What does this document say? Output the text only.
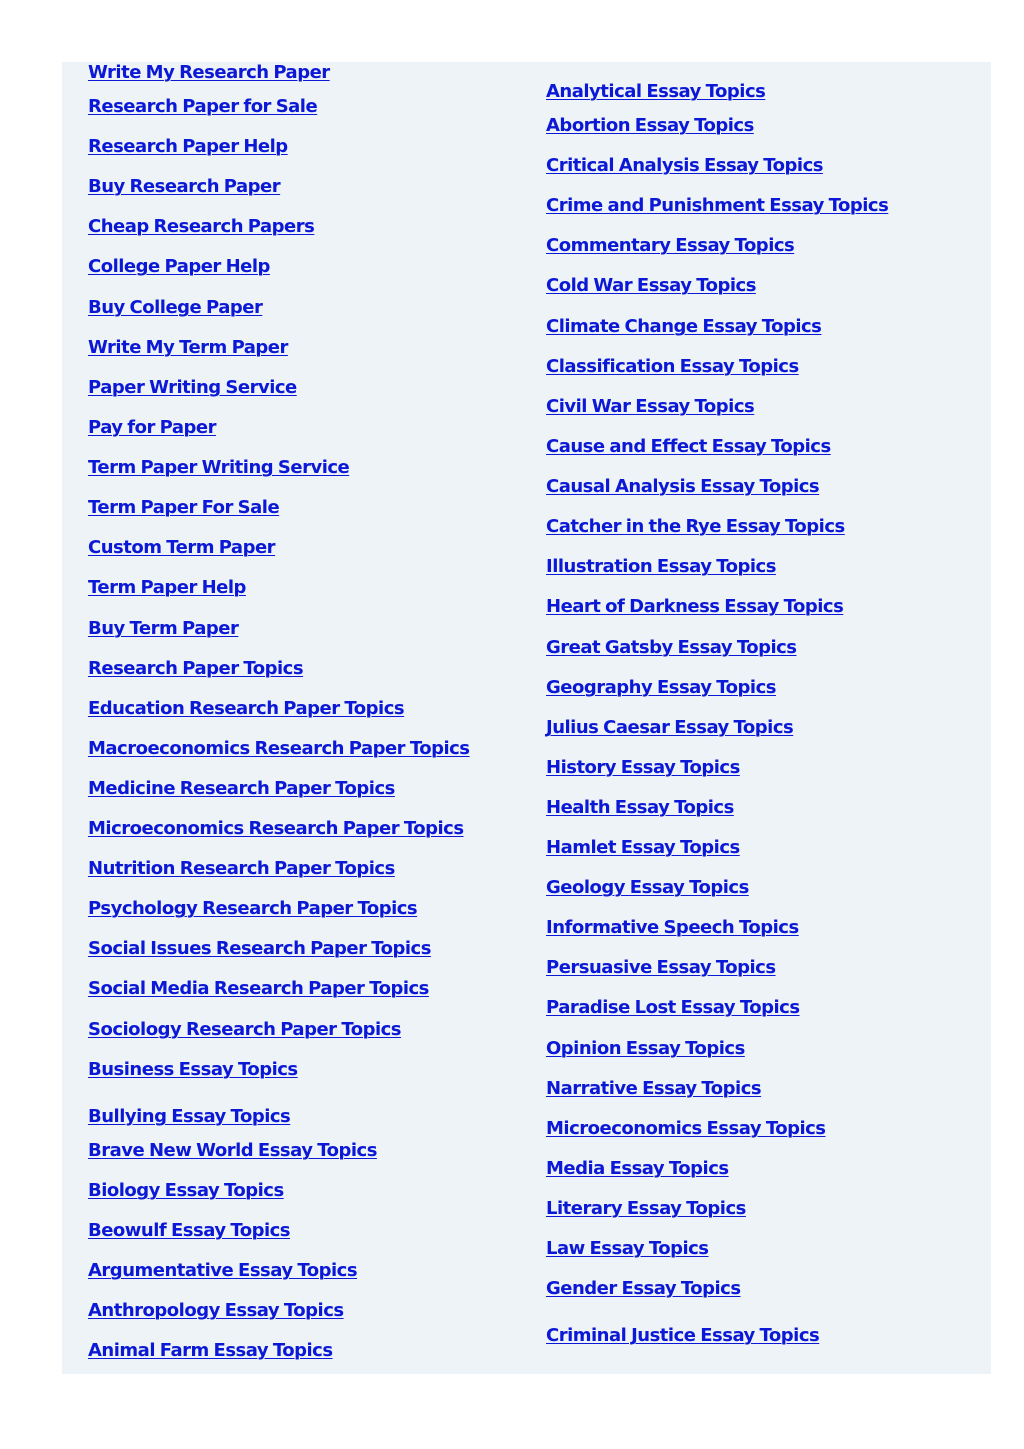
Write My Research Paper
Research Paper for Sale
Research Paper Help
Buy Research Paper
Cheap Research Papers
College Paper Help
Buy College Paper
Write My Term Paper
Paper Writing Service
Pay for Paper
Term Paper Writing Service
Term Paper For Sale
Custom Term Paper
Term Paper Help
Buy Term Paper
Research Paper Topics
Education Research Paper Topics
Macroeconomics Research Paper Topics
Medicine Research Paper Topics
Microeconomics Research Paper Topics
Nutrition Research Paper Topics
Psychology Research Paper Topics
Social Issues Research Paper Topics
Social Media Research Paper Topics
Sociology Research Paper Topics
Business Essay Topics
Bullying Essay Topics
Brave New World Essay Topics
Biology Essay Topics
Beowulf Essay Topics
Argumentative Essay Topics
Anthropology Essay Topics
Animal Farm Essay Topics
Analytical Essay Topics
Abortion Essay Topics
Critical Analysis Essay Topics
Crime and Punishment Essay Topics
Commentary Essay Topics
Cold War Essay Topics
Climate Change Essay Topics
Classification Essay Topics
Civil War Essay Topics
Cause and Effect Essay Topics
Causal Analysis Essay Topics
Catcher in the Rye Essay Topics
Illustration Essay Topics
Heart of Darkness Essay Topics
Great Gatsby Essay Topics
Geography Essay Topics
Julius Caesar Essay Topics
History Essay Topics
Health Essay Topics
Hamlet Essay Topics
Geology Essay Topics
Informative Speech Topics
Persuasive Essay Topics
Paradise Lost Essay Topics
Opinion Essay Topics
Narrative Essay Topics
Microeconomics Essay Topics
Media Essay Topics
Literary Essay Topics
Law Essay Topics
Gender Essay Topics
Criminal Justice Essay Topics
